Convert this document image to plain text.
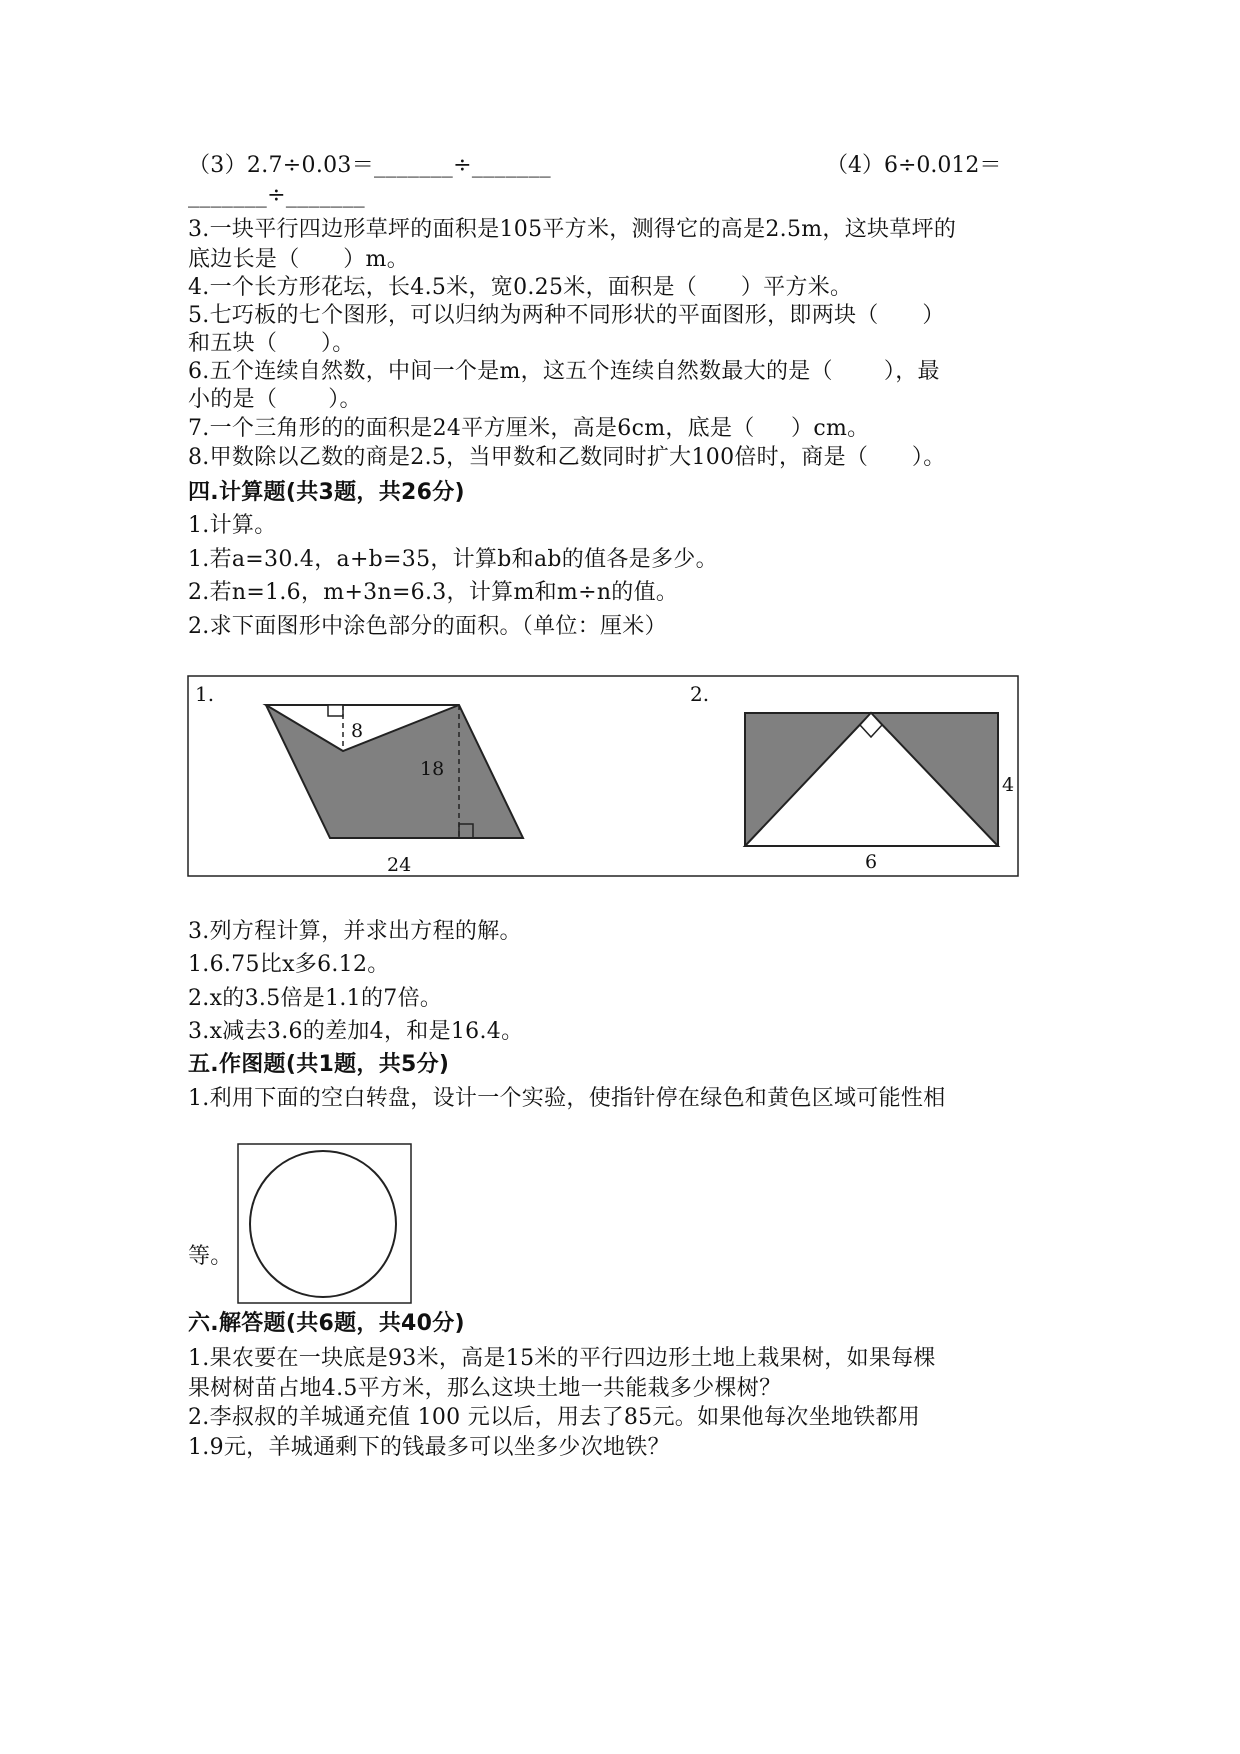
（3）2.7÷0.03＝_______÷_______	（4）6÷0.012＝
_______÷_______
3.一块平行四边形草坪的面积是105平方米，测得它的高是2.5m，这块草坪的
底边长是（      ）m。
4.一个长方形花坛，长4.5米，宽0.25米，面积是（      ）平方米。
5.七巧板的七个图形，可以归纳为两种不同形状的平面图形，即两块（      ）
和五块（      ）。
6.五个连续自然数，中间一个是m，这五个连续自然数最大的是（       ），最
小的是（       ）。
7.一个三角形的的面积是24平方厘米，高是6cm，底是（     ）cm。
8.甲数除以乙数的商是2.5，当甲数和乙数同时扩大100倍时，商是（      ）。
四.计算题(共3题，共26分)
1.计算。
1.若a=30.4，a+b=35，计算b和ab的值各是多少。
2.若n=1.6，m+3n=6.3，计算m和m÷n的值。
2.求下面图形中涂色部分的面积。（单位：厘米）
1.
8
18
24
2.
4
6
3.列方程计算，并求出方程的解。
1.6.75比x多6.12。
2.x的3.5倍是1.1的7倍。
3.x减去3.6的差加4，和是16.4。
五.作图题(共1题，共5分)
1.利用下面的空白转盘，设计一个实验，使指针停在绿色和黄色区域可能性相
等。
六.解答题(共6题，共40分)
1.果农要在一块底是93米，高是15米的平行四边形土地上栽果树，如果每棵
果树树苗占地4.5平方米，那么这块土地一共能栽多少棵树？
2.李叔叔的羊城通充值 100 元以后，用去了85元。如果他每次坐地铁都用
1.9元，羊城通剩下的钱最多可以坐多少次地铁？
